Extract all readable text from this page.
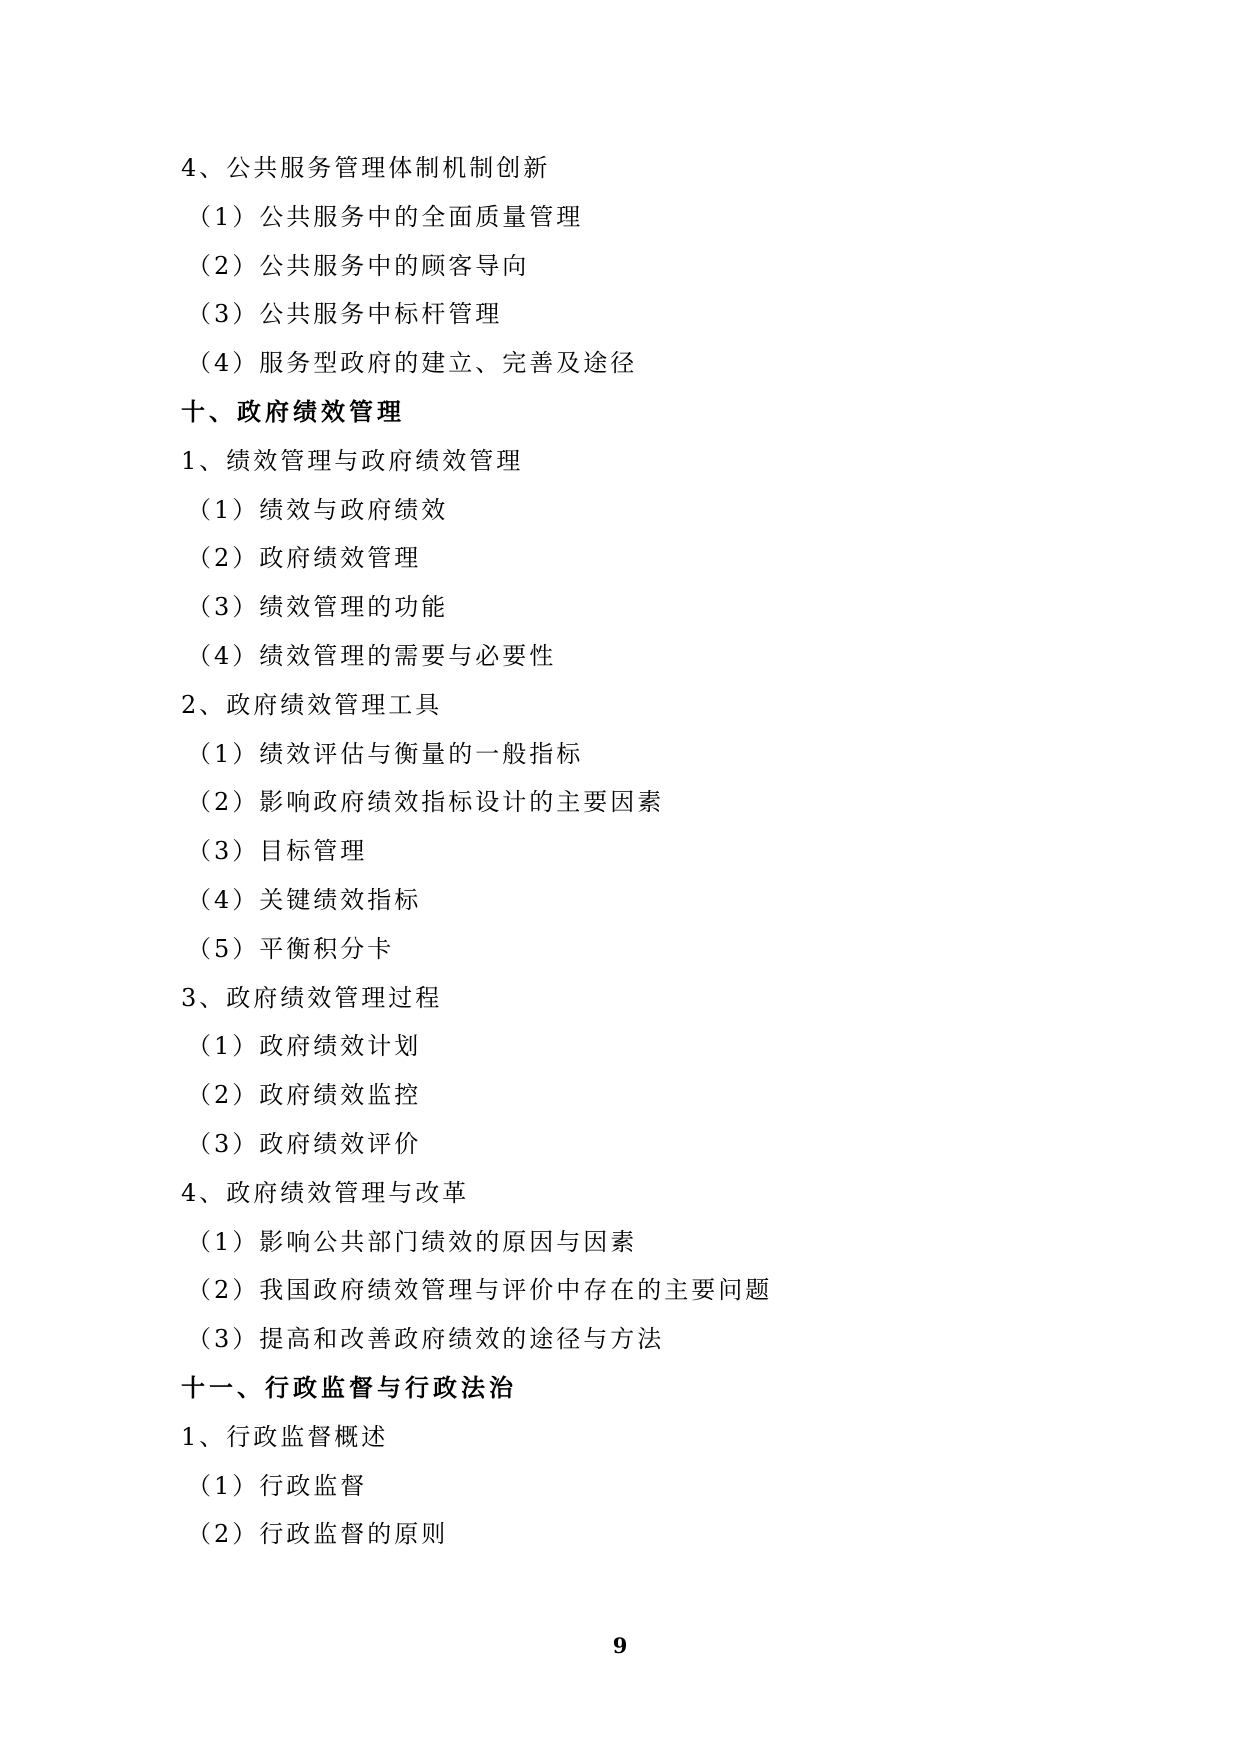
4、公共服务管理体制机制创新
（1）公共服务中的全面质量管理
（2）公共服务中的顾客导向
（3）公共服务中标杆管理
（4）服务型政府的建立、完善及途径
十、政府绩效管理
1、绩效管理与政府绩效管理
（1）绩效与政府绩效
（2）政府绩效管理
（3）绩效管理的功能
（4）绩效管理的需要与必要性
2、政府绩效管理工具
（1）绩效评估与衡量的一般指标
（2）影响政府绩效指标设计的主要因素
（3）目标管理
（4）关键绩效指标
（5）平衡积分卡
3、政府绩效管理过程
（1）政府绩效计划
（2）政府绩效监控
（3）政府绩效评价
4、政府绩效管理与改革
（1）影响公共部门绩效的原因与因素
（2）我国政府绩效管理与评价中存在的主要问题
（3）提高和改善政府绩效的途径与方法
十一、行政监督与行政法治
1、行政监督概述
（1）行政监督
（2）行政监督的原则
9
